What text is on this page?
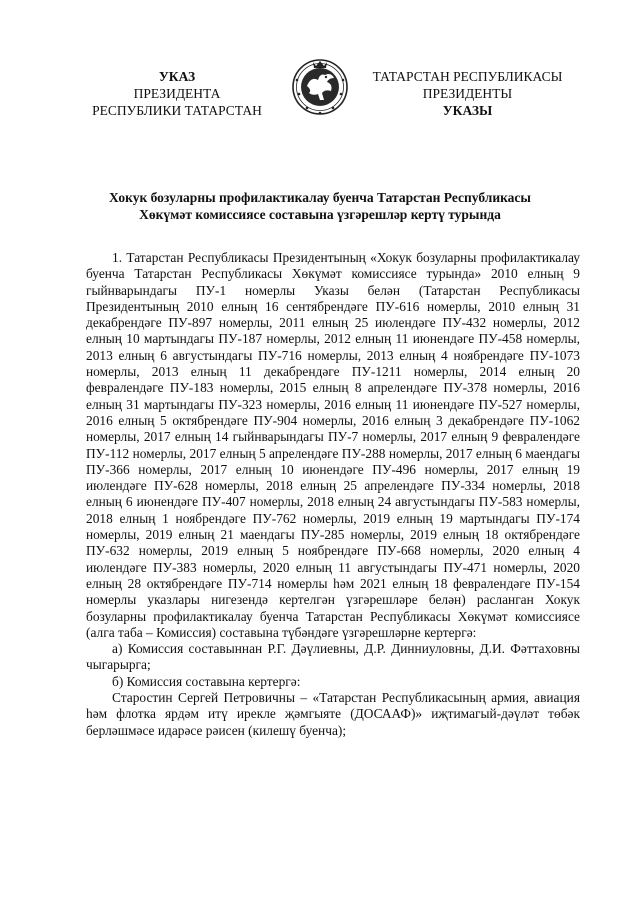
УКАЗ
ПРЕЗИДЕНТА
РЕСПУБЛИКИ ТАТАРСТАН
ТАТАРСТАН РЕСПУБЛИКАСЫ
ПРЕЗИДЕНТЫ
УКАЗЫ
Хокук бозуларны профилактикалау буенча Татарстан Республикасы
Хөкүмәт комиссиясе составына үзгәрешләр кертү турында

1. Татарстан Республикасы Президентының «Хокук бозуларны профилактикалау буенча Татарстан Республикасы Хөкүмәт комиссиясе турында» 2010 елның 9 гыйнварындагы ПУ-1 номерлы Указы белән (Татарстан Республикасы Президентының 2010 елның 16 сентябрендәге ПУ-616 номерлы, 2010 елның 31 декабрендәге ПУ-897 номерлы, 2011 елның 25 июлендәге ПУ-432 номерлы, 2012 елның 10 мартындагы ПУ-187 номерлы, 2012 елның 11 июнендәге ПУ-458 номерлы, 2013 елның 6 августындагы ПУ-716 номерлы, 2013 елның 4 ноябрендәге ПУ-1073 номерлы, 2013 елның 11 декабрендәге ПУ-1211 номерлы, 2014 елның 20 февралендәге ПУ-183 номерлы, 2015 елның 8 апрелендәге ПУ-378 номерлы, 2016 елның 31 мартындагы ПУ-323 номерлы, 2016 елның 11 июнендәге ПУ-527 номерлы, 2016 елның 5 октябрендәге ПУ-904 номерлы, 2016 елның 3 декабрендәге ПУ-1062 номерлы, 2017 елның 14 гыйнварындагы ПУ-7 номерлы, 2017 елның 9 февралендәге ПУ-112 номерлы, 2017 елның 5 апрелендәге ПУ-288 номерлы, 2017 елның 6 маендагы ПУ-366 номерлы, 2017 елның 10 июнендәге ПУ-496 номерлы, 2017 елның 19 июлендәге ПУ-628 номерлы, 2018 елның 25 апрелендәге ПУ-334 номерлы, 2018 елның 6 июнендәге ПУ-407 номерлы, 2018 елның 24 августындагы ПУ-583 номерлы, 2018 елның 1 ноябрендәге ПУ-762 номерлы, 2019 елның 19 мартындагы ПУ-174 номерлы, 2019 елның 21 маендагы ПУ-285 номерлы, 2019 елның 18 октябрендәге ПУ-632 номерлы, 2019 елның 5 ноябрендәге ПУ-668 номерлы, 2020 елның 4 июлендәге ПУ-383 номерлы, 2020 елның 11 августындагы ПУ-471 номерлы, 2020 елның 28 октябрендәге ПУ-714 номерлы һәм 2021 елның 18 февралендәге ПУ-154 номерлы указлары нигезендә кертелгән үзгәрешләре белән) расланган Хокук бозуларны профилактикалау буенча Татарстан Республикасы Хөкүмәт комиссиясе (алга таба – Комиссия) составына түбәндәге үзгәрешләрне кертергә:

а) Комиссия составыннан Р.Г. Дәүлиевны, Д.Р. Динниуловны, Д.И. Фәттаховны чыгарырга;

б) Комиссия составына кертергә:

Старостин Сергей Петровичны – «Татарстан Республикасының армия, авиация һәм флотка ярдәм итү ирекле җәмгыяте (ДОСААФ)» иҗтимагый-дәүләт төбәк берләшмәсе идарәсе рәисен (килешү буенча);
